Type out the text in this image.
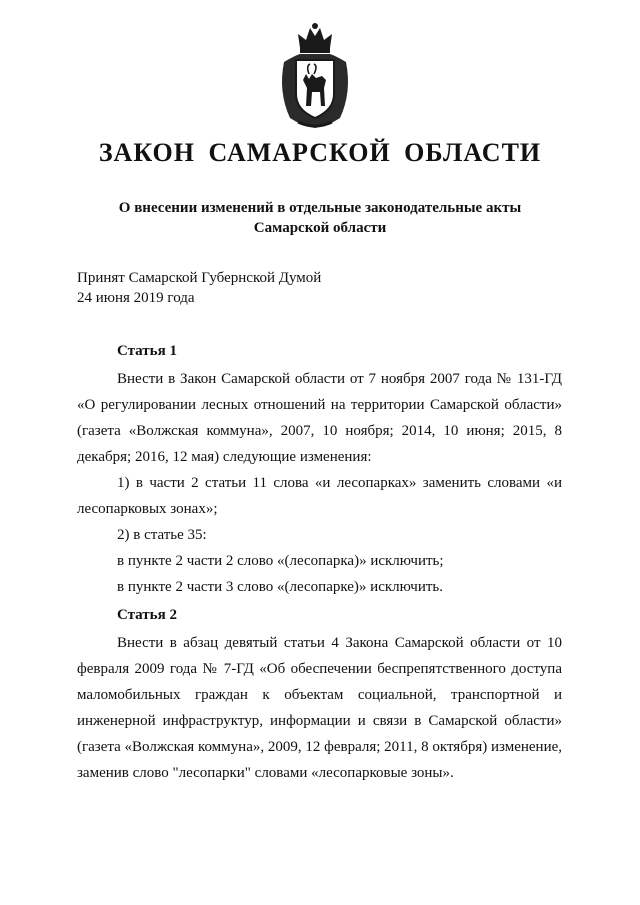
ЗАКОН САМАРСКОЙ ОБЛАСТИ
О внесении изменений в отдельные законодательные акты
Самарской области
Принят Самарской Губернской Думой
24 июня 2019 года
Статья 1
Внести в Закон Самарской области от 7 ноября 2007 года № 131-ГД «О регулировании лесных отношений на территории Самарской области» (газета «Волжская коммуна», 2007, 10 ноября; 2014, 10 июня; 2015, 8 декабря; 2016, 12 мая) следующие изменения:
1) в части 2 статьи 11 слова «и лесопарках» заменить словами «и лесопарковых зонах»;
2) в статье 35:
в пункте 2 части 2 слово «(лесопарка)» исключить;
в пункте 2 части 3 слово «(лесопарке)» исключить.
Статья 2
Внести в абзац девятый статьи 4 Закона Самарской области от 10 февраля 2009 года № 7-ГД «Об обеспечении беспрепятственного доступа маломобильных граждан к объектам социальной, транспортной и инженерной инфраструктур, информации и связи в Самарской области» (газета «Волжская коммуна», 2009, 12 февраля; 2011, 8 октября) изменение, заменив слово "лесопарки" словами «лесопарковые зоны».
